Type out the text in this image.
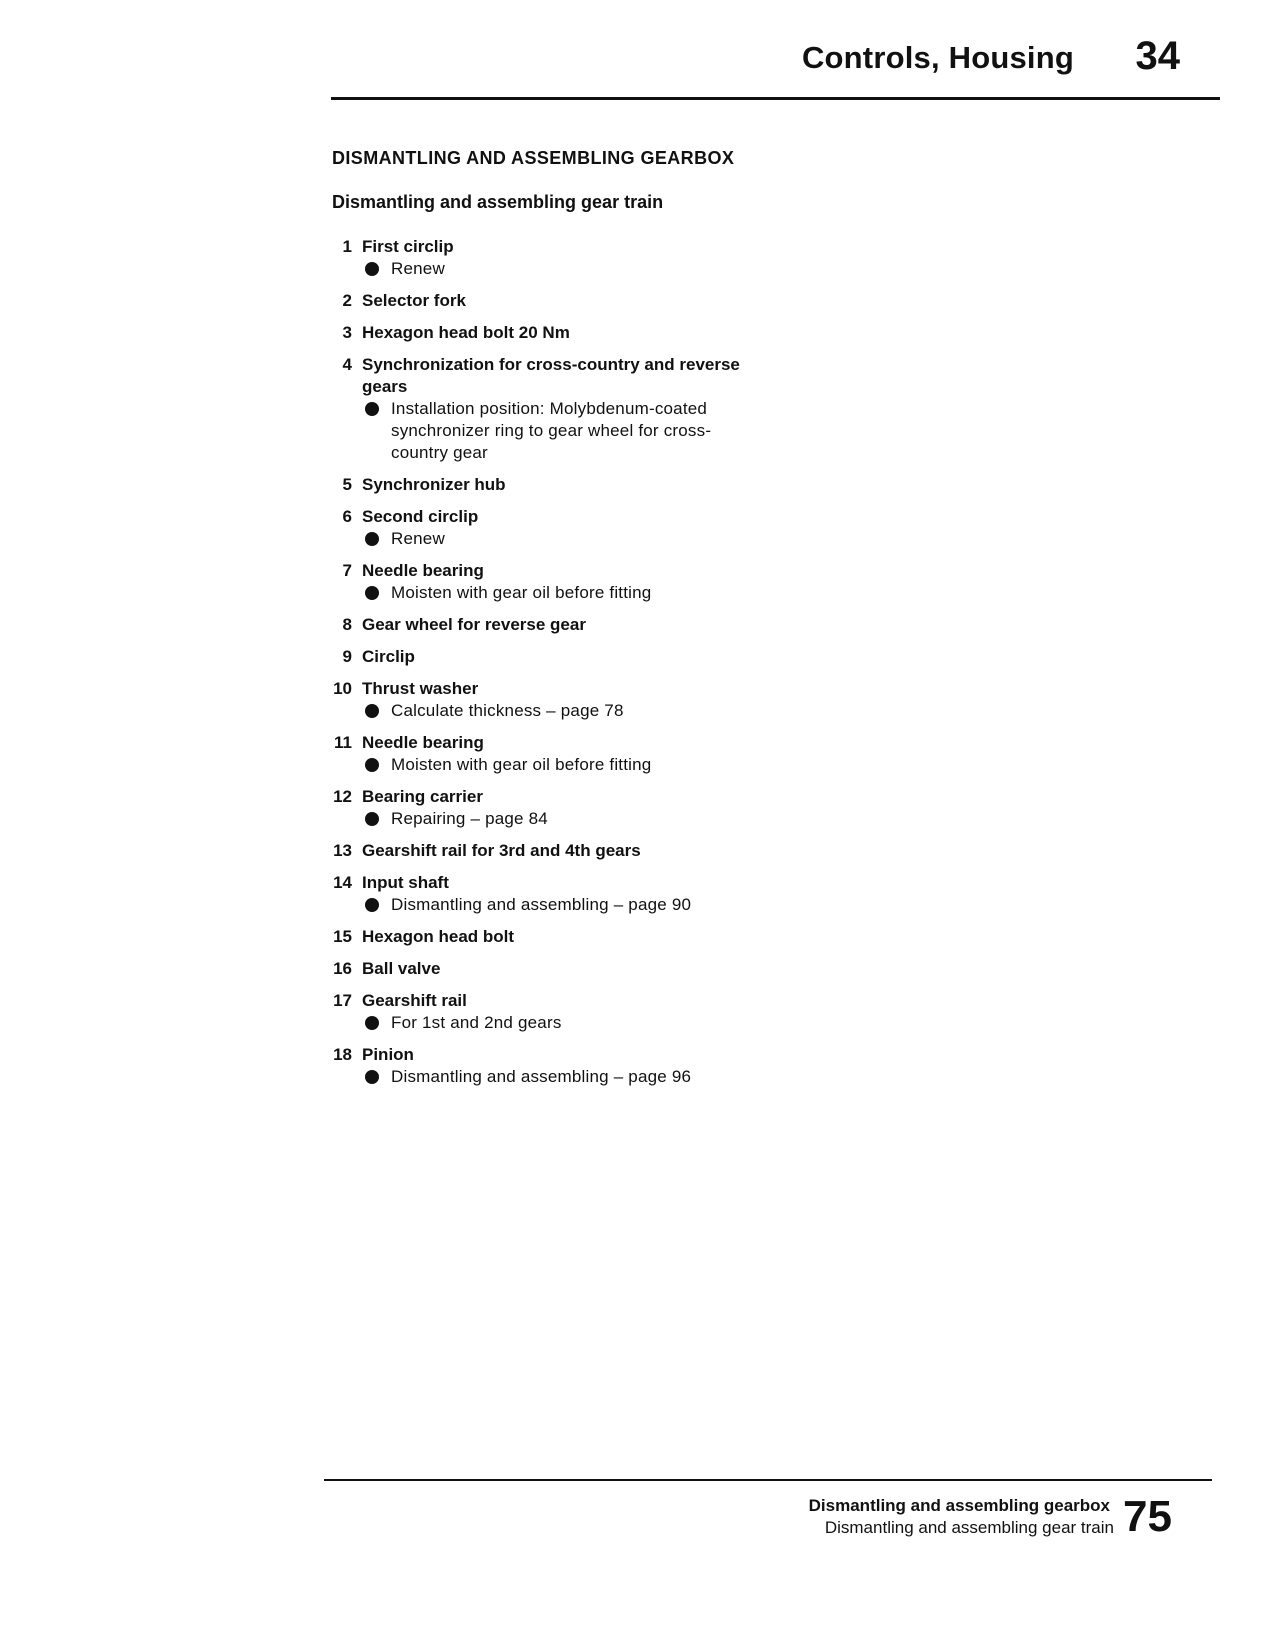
Controls, Housing 34
DISMANTLING AND ASSEMBLING GEARBOX
Dismantling and assembling gear train
1 First circlip
Renew
2 Selector fork
3 Hexagon head bolt 20 Nm
4 Synchronization for cross-country and reverse gears
Installation position: Molybdenum-coated synchronizer ring to gear wheel for cross-country gear
5 Synchronizer hub
6 Second circlip
Renew
7 Needle bearing
Moisten with gear oil before fitting
8 Gear wheel for reverse gear
9 Circlip
10 Thrust washer
Calculate thickness – page 78
11 Needle bearing
Moisten with gear oil before fitting
12 Bearing carrier
Repairing – page 84
13 Gearshift rail for 3rd and 4th gears
14 Input shaft
Dismantling and assembling – page 90
15 Hexagon head bolt
16 Ball valve
17 Gearshift rail
For 1st and 2nd gears
18 Pinion
Dismantling and assembling – page 96
Dismantling and assembling gearbox
Dismantling and assembling gear train 75
